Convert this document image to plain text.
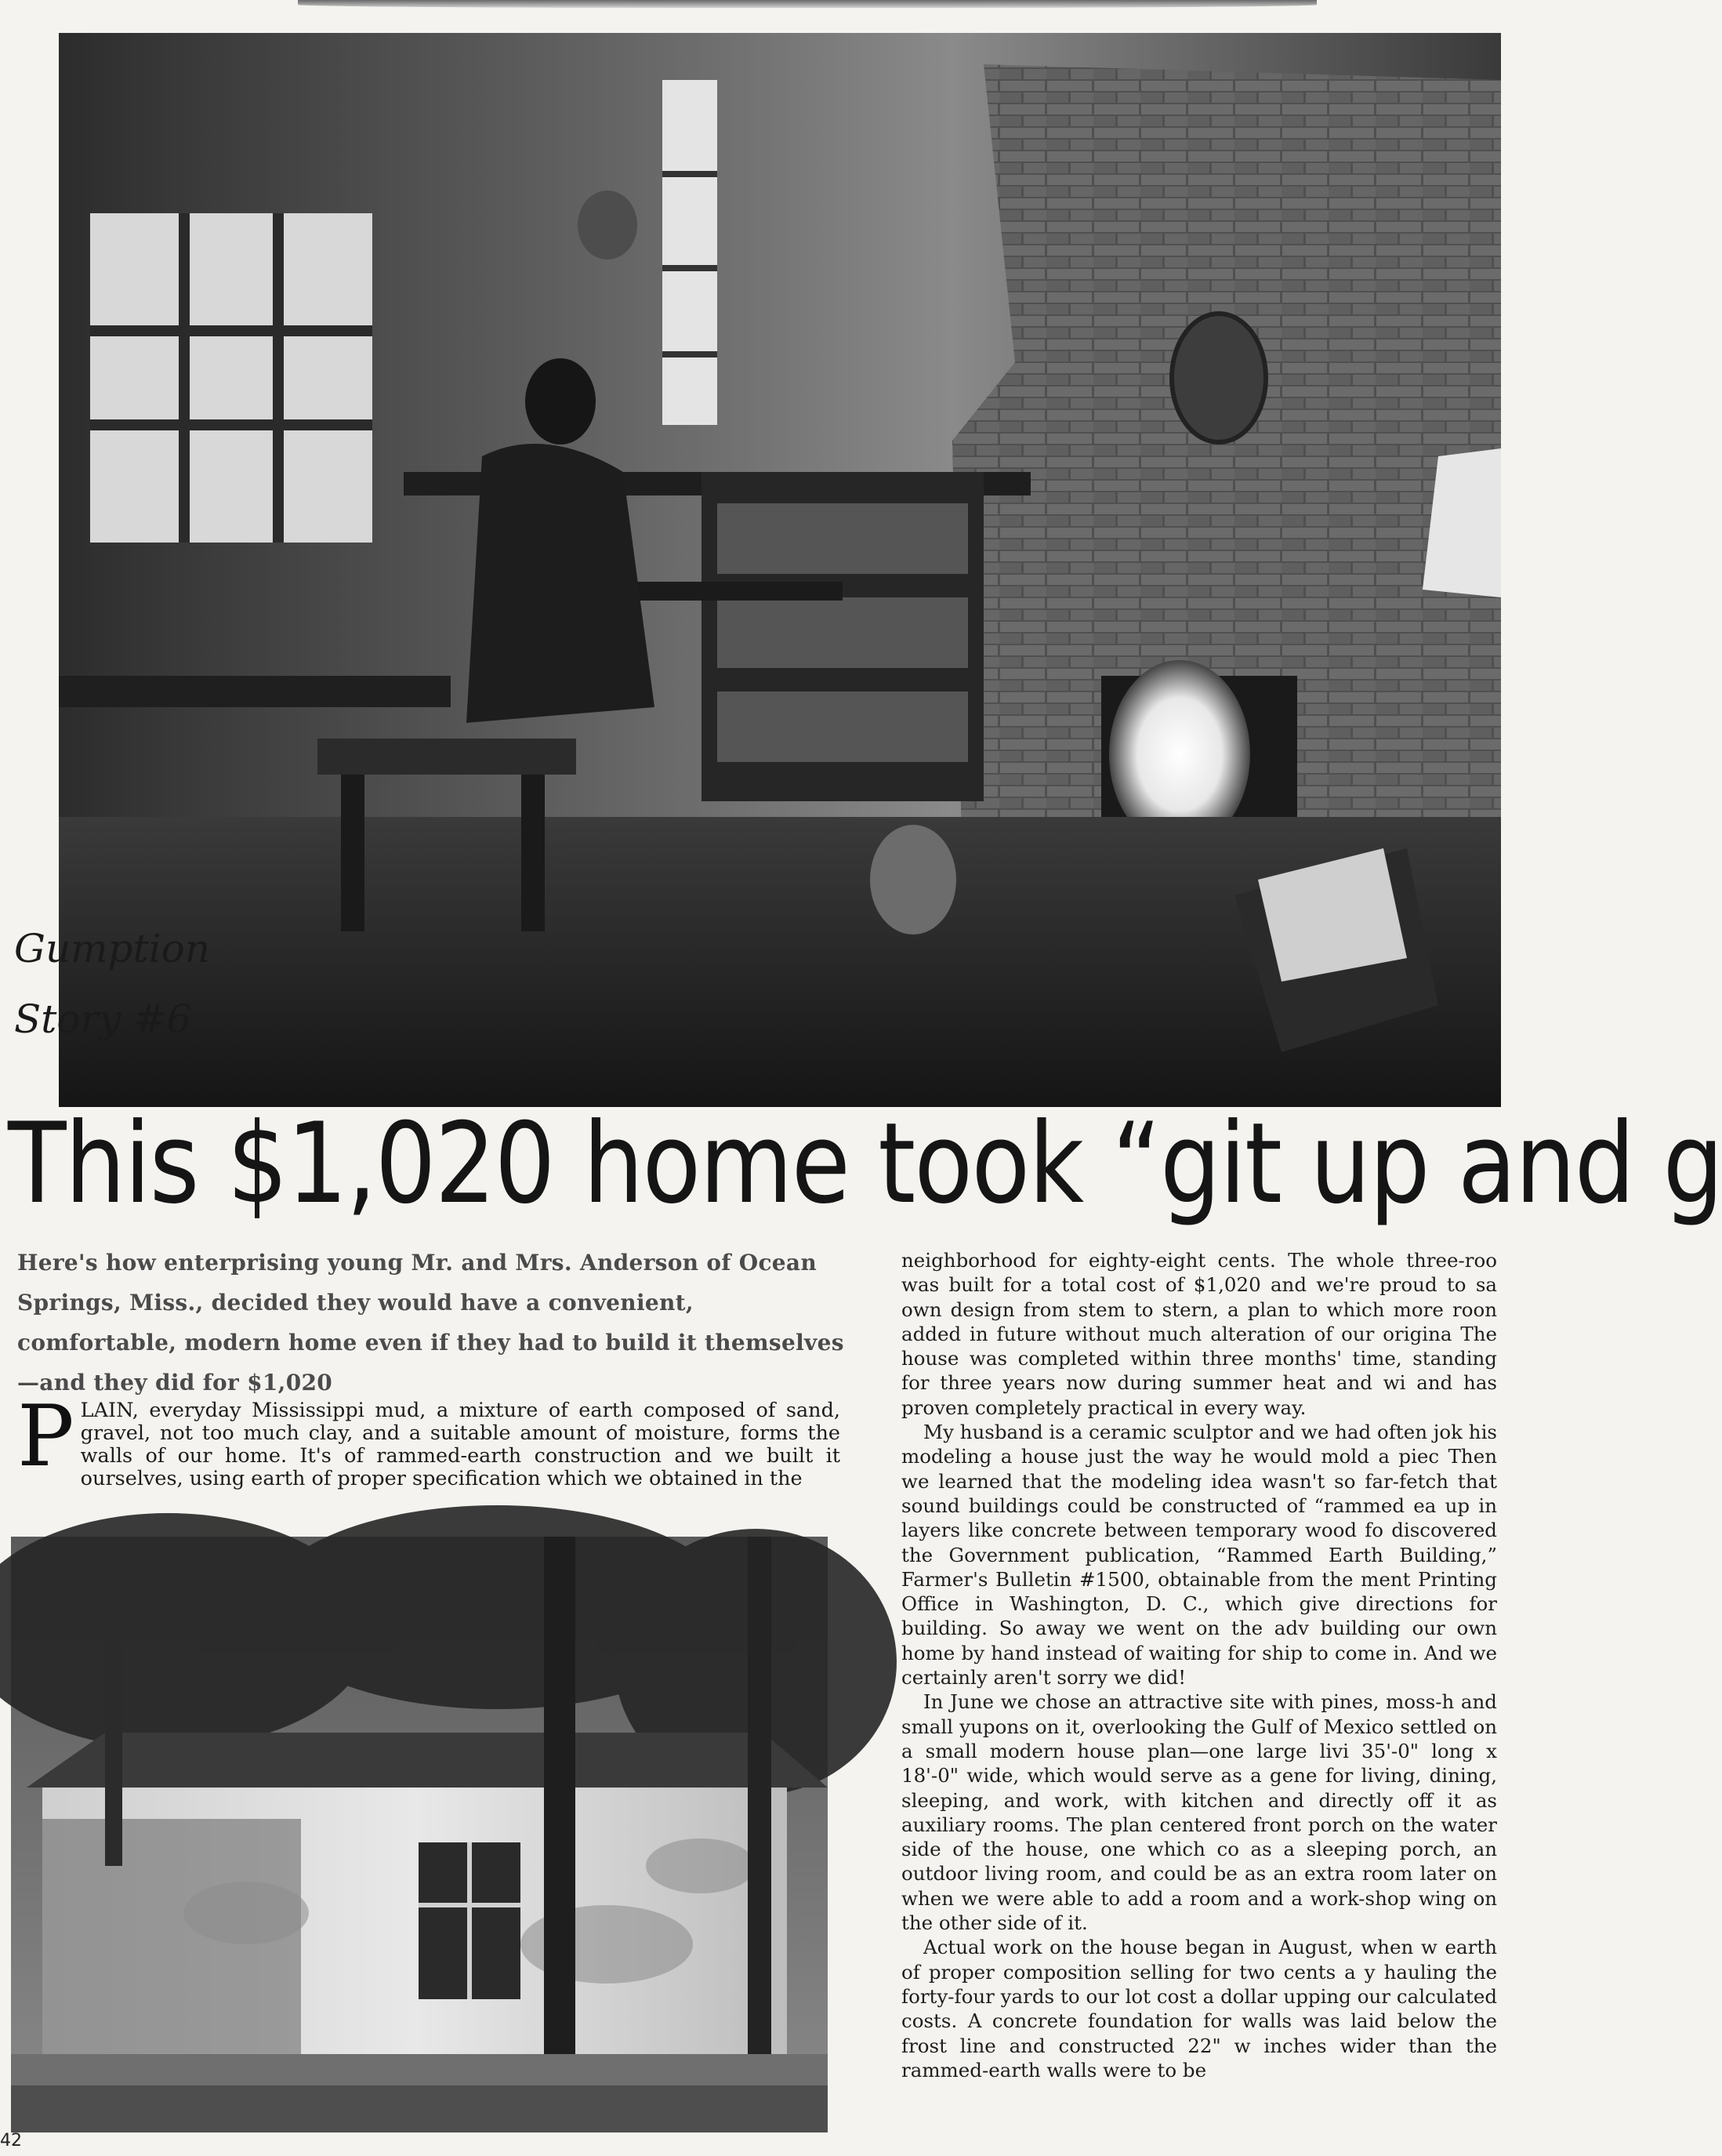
Gumption
Story #6
This $1,020 home took “git up and g
Here's how enterprising young Mr. and Mrs. Anderson of Ocean Springs, Miss., decided they would have a convenient, comfortable, modern home even if they had to build it themselves—and they did for $1,020
PLAIN, everyday Mississippi mud, a mixture of earth composed of sand, gravel, not too much clay, and a suitable amount of moisture, forms the walls of our home. It's of rammed-earth construction and we built it ourselves, using earth of proper specification which we obtained in the

neighborhood for eighty-eight cents. The whole three-roo was built for a total cost of $1,020 and we're proud to sa own design from stem to stern, a plan to which more roon added in future without much alteration of our origina The house was completed within three months' time, standing for three years now during summer heat and wi and has proven completely practical in every way.

My husband is a ceramic sculptor and we had often jok his modeling a house just the way he would mold a piec Then we learned that the modeling idea wasn't so far-fetch that sound buildings could be constructed of “rammed ea up in layers like concrete between temporary wood fo discovered the Government publication, “Rammed Earth Building,” Farmer's Bulletin #1500, obtainable from the ment Printing Office in Washington, D. C., which give directions for building. So away we went on the adv building our own home by hand instead of waiting for ship to come in. And we certainly aren't sorry we did!

In June we chose an attractive site with pines, moss-h and small yupons on it, overlooking the Gulf of Mexico settled on a small modern house plan—one large livi 35'-0" long x 18'-0" wide, which would serve as a gene for living, dining, sleeping, and work, with kitchen and directly off it as auxiliary rooms. The plan centered front porch on the water side of the house, one which co as a sleeping porch, an outdoor living room, and could be as an extra room later on when we were able to add a room and a work-shop wing on the other side of it.

Actual work on the house began in August, when w earth of proper composition selling for two cents a y hauling the forty-four yards to our lot cost a dollar upping our calculated costs. A concrete foundation for walls was laid below the frost line and constructed 22" w inches wider than the rammed-earth walls were to be

42
